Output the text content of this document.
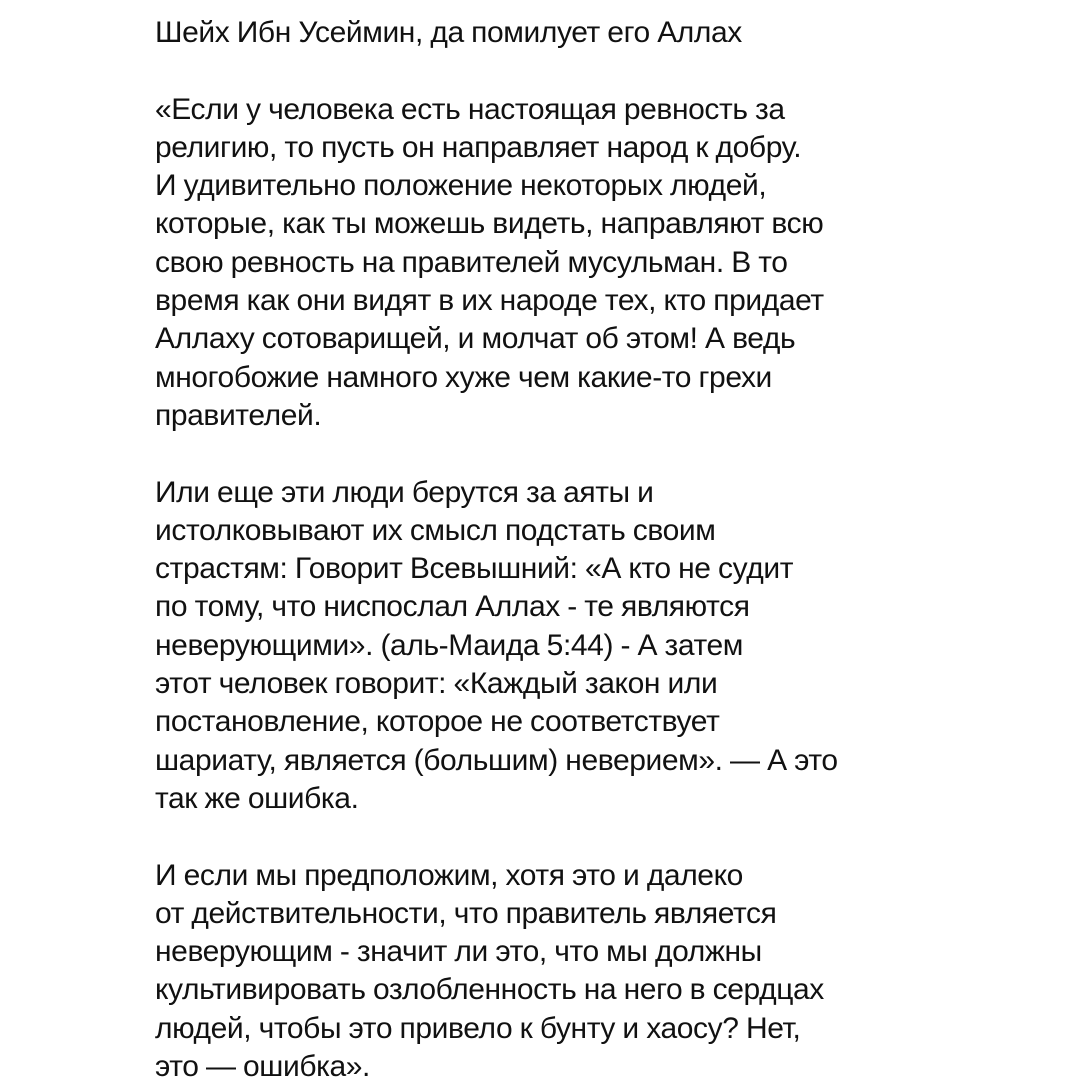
Шейх Ибн Усеймин, да помилует его Аллах
«Если у человека есть настоящая ревность за
религию, то пусть он направляет народ к добру.
И удивительно положение некоторых людей,
которые, как ты можешь видеть, направляют всю
свою ревность на правителей мусульман. В то
время как они видят в их народе тех, кто придает
Аллаху сотоварищей, и молчат об этом! А ведь
многобожие намного хуже чем какие-то грехи
правителей.
Или еще эти люди берутся за аяты и
истолковывают их смысл подстать своим
страстям: Говорит Всевышний: «А кто не судит
по тому, что ниспослал Аллах - те являются
неверующими». (аль-Маида 5:44) - А затем
этот человек говорит: «Каждый закон или
постановление, которое не соответствует
шариату, является (большим) неверием». — А это
так же ошибка.
И если мы предположим, хотя это и далеко
от действительности, что правитель является
неверующим - значит ли это, что мы должны
культивировать озлобленность на него в сердцах
людей, чтобы это привело к бунту и хаосу? Нет,
это — ошибка».
